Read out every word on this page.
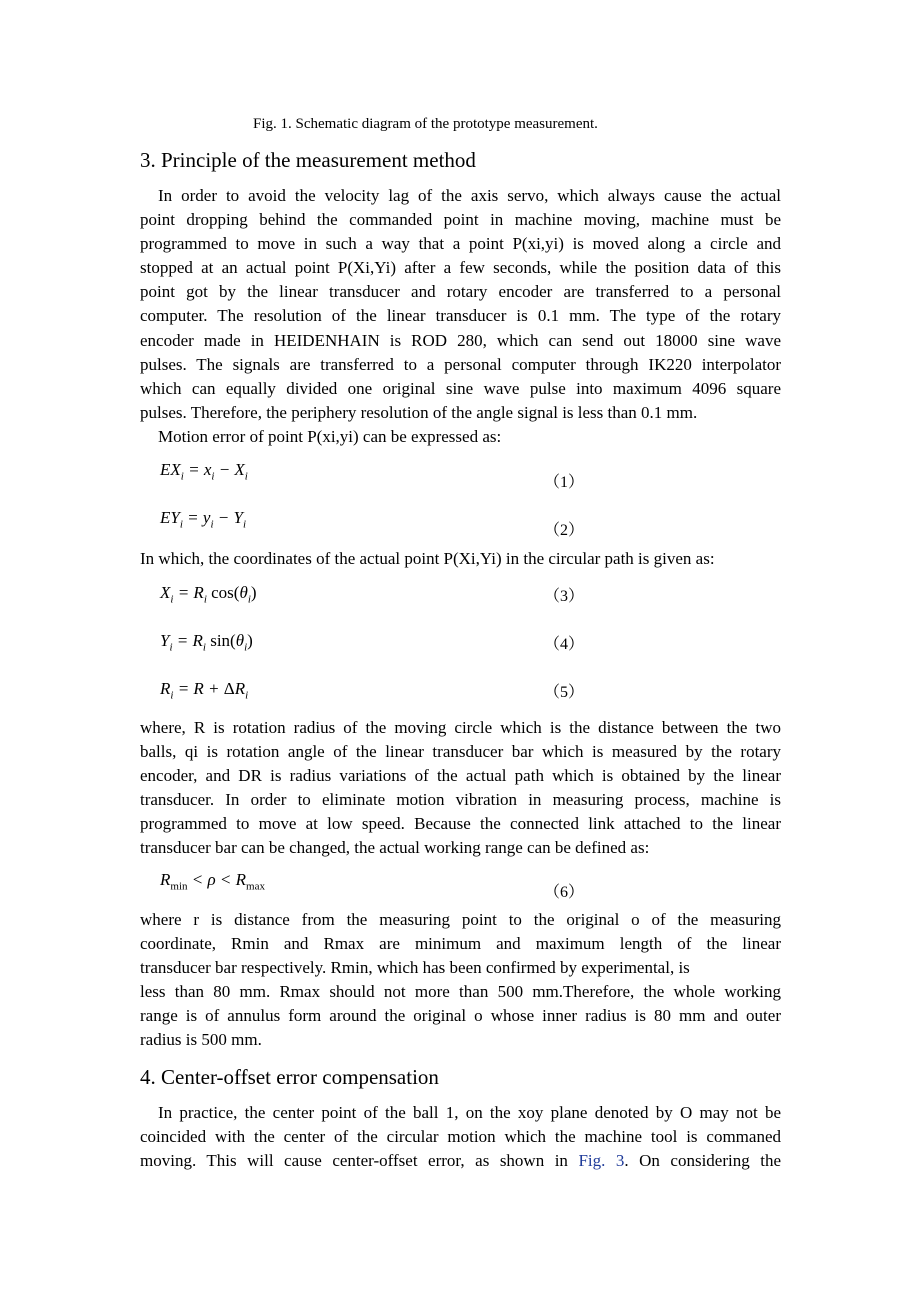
Fig. 1. Schematic diagram of the prototype measurement.
3. Principle of the measurement method
In order to avoid the velocity lag of the axis servo, which always cause the actual
point dropping behind the commanded point in machine moving, machine must be
programmed to move in such a way that a point P(xi,yi) is moved along a circle and
stopped at an actual point P(Xi,Yi) after a few seconds, while the position data of this
point got by the linear transducer and rotary encoder are transferred to a personal
computer. The resolution of the linear transducer is 0.1 mm. The type of the rotary
encoder made in HEIDENHAIN is ROD 280, which can send out 18000 sine wave
pulses. The signals are transferred to a personal computer through IK220 interpolator
which can equally divided one original sine wave pulse into maximum 4096 square
pulses. Therefore, the periphery resolution of the angle signal is less than 0.1 mm.
Motion error of point P(xi,yi) can be expressed as:
$EX_i = x_i - X_i$	（1）
$EY_i = y_i - Y_i$	（2）
In which, the coordinates of the actual point P(Xi,Yi) in the circular path is given as:
$X_i = R_i$ $\cos(\theta_i)$	（3）
$Y_i = R_i$ $\sin(\theta_i)$	（4）
$R_i = R + \Delta R_i$	（5）
where, R is rotation radius of the moving circle which is the distance between the two
balls, qi is rotation angle of the linear transducer bar which is measured by the rotary
encoder, and DR is radius variations of the actual path which is obtained by the linear
transducer. In order to eliminate motion vibration in measuring process, machine is
programmed to move at low speed. Because the connected link attached to the linear
transducer bar can be changed, the actual working range can be defined as:
$R_{min} < \rho < R_{max}$	（6）
where r is distance from the measuring point to the original o of the measuring
coordinate, Rmin and Rmax are minimum and maximum length of the linear
transducer bar respectively. Rmin, which has been confirmed by experimental, is
less than 80 mm. Rmax should not more than 500 mm.Therefore, the whole working
range is of annulus form around the original o whose inner radius is 80 mm and outer
radius is 500 mm.
4. Center-offset error compensation
In practice, the center point of the ball 1, on the xoy plane denoted by O may not be
coincided with the center of the circular motion which the machine tool is commaned
moving. This will cause center-offset error, as shown in Fig. 3. On considering the
